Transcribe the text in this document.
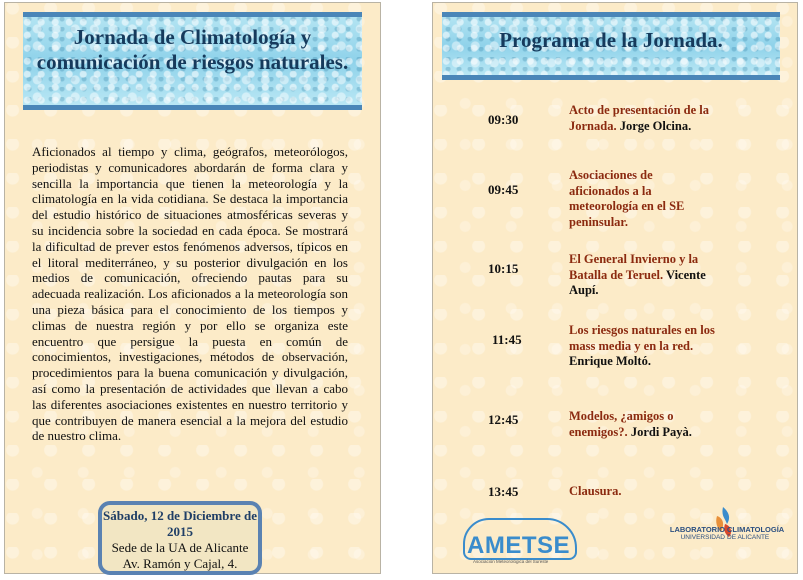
Jornada de Climatología y comunicación de riesgos naturales.
Aficionados al tiempo y clima, geógrafos, meteorólogos, periodistas y comunicadores abordarán de forma clara y sencilla la importancia que tienen la meteorología y la climatología en la vida cotidiana. Se destaca la importancia del estudio histórico de situaciones atmosféricas severas y su incidencia sobre la sociedad en cada época. Se mostrará la dificultad de prever estos fenómenos adversos, típicos en el litoral mediterráneo, y su posterior divulgación en los medios de comunicación, ofreciendo pautas para su adecuada realización. Los aficionados a la meteorología son una pieza básica para el conocimiento de los tiempos y climas de nuestra región y por ello se organiza este encuentro que persigue la puesta en común de conocimientos, investigaciones, métodos de observación, procedimientos para la buena comunicación y divulgación, así como la presentación de actividades que llevan a cabo las diferentes asociaciones existentes en nuestro territorio y que contribuyen de manera esencial a la mejora del estudio de nuestro clima.
Sábado, 12 de Diciembre de 2015
Sede de la UA de Alicante
Av. Ramón y Cajal, 4.
Programa de la Jornada.
09:30
Acto de presentación de la Jornada. Jorge Olcina.
09:45
Asociaciones de aficionados a la meteorología en el SE peninsular.
10:15
El General Invierno y la Batalla de Teruel. Vicente Aupí.
11:45
Los riesgos naturales en los mass media y en la red.
Enrique Moltó.
12:45	Modelos, ¿amigos o enemigos?. Jordi Payà.
13:45	Clausura.
AMETSE
Asociación Meteorológica del Sureste
LABORATORIO
UNIVERSIDAD
CLIMATOLOGÍA
DE ALICANTE
